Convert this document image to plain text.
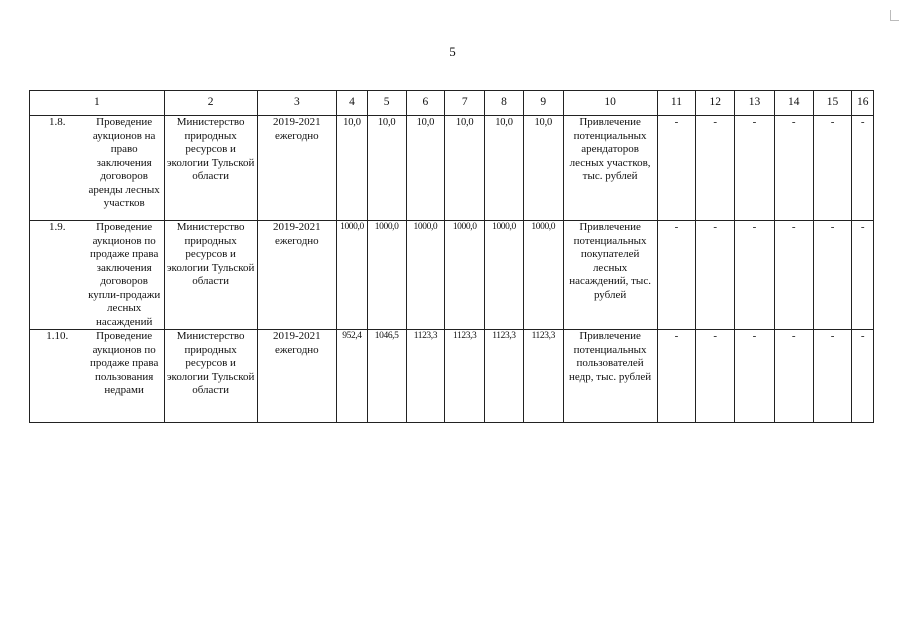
5
1		2	3	4	5	6	7	8	9	10	11	12	13	14	15	16
1.8.	Проведение аукционов на право заключения договоров аренды лесных участков	Министерство природных ресурсов и экологии Тульской области	2019-2021 ежегодно	10,0	10,0	10,0	10,0	10,0	10,0	Привлечение потенциальных арендаторов лесных участков, тыс. рублей	-	-	-	-	-	-
1.9.	Проведение аукционов по продаже права заключения договоров купли-продажи лесных насаждений	Министерство природных ресурсов и экологии Тульской области	2019-2021 ежегодно	1000,0	1000,0	1000,0	1000,0	1000,0	1000,0	Привлечение потенциальных покупателей лесных насаждений, тыс. рублей	-	-	-	-	-	-
1.10.	Проведение аукционов по продаже права пользования недрами	Министерство природных ресурсов и экологии Тульской области	2019-2021 ежегодно	952,4	1046,5	1123,3	1123,3	1123,3	1123,3	Привлечение потенциальных пользователей недр, тыс. рублей	-	-	-	-	-	-
